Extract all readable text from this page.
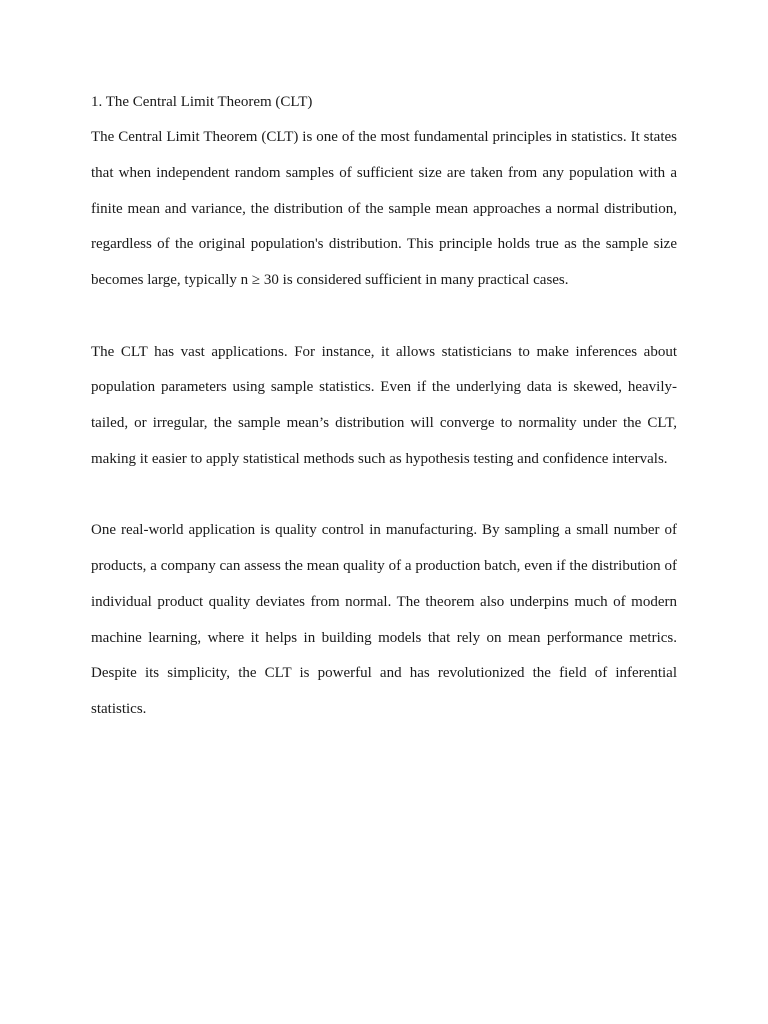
1. The Central Limit Theorem (CLT)

The Central Limit Theorem (CLT) is one of the most fundamental principles in statistics. It states that when independent random samples of sufficient size are taken from any population with a finite mean and variance, the distribution of the sample mean approaches a normal distribution, regardless of the original population's distribution. This principle holds true as the sample size becomes large, typically n ≥ 30 is considered sufficient in many practical cases.

The CLT has vast applications. For instance, it allows statisticians to make inferences about population parameters using sample statistics. Even if the underlying data is skewed, heavily-tailed, or irregular, the sample mean’s distribution will converge to normality under the CLT, making it easier to apply statistical methods such as hypothesis testing and confidence intervals.

One real-world application is quality control in manufacturing. By sampling a small number of products, a company can assess the mean quality of a production batch, even if the distribution of individual product quality deviates from normal. The theorem also underpins much of modern machine learning, where it helps in building models that rely on mean performance metrics. Despite its simplicity, the CLT is powerful and has revolutionized the field of inferential statistics.
